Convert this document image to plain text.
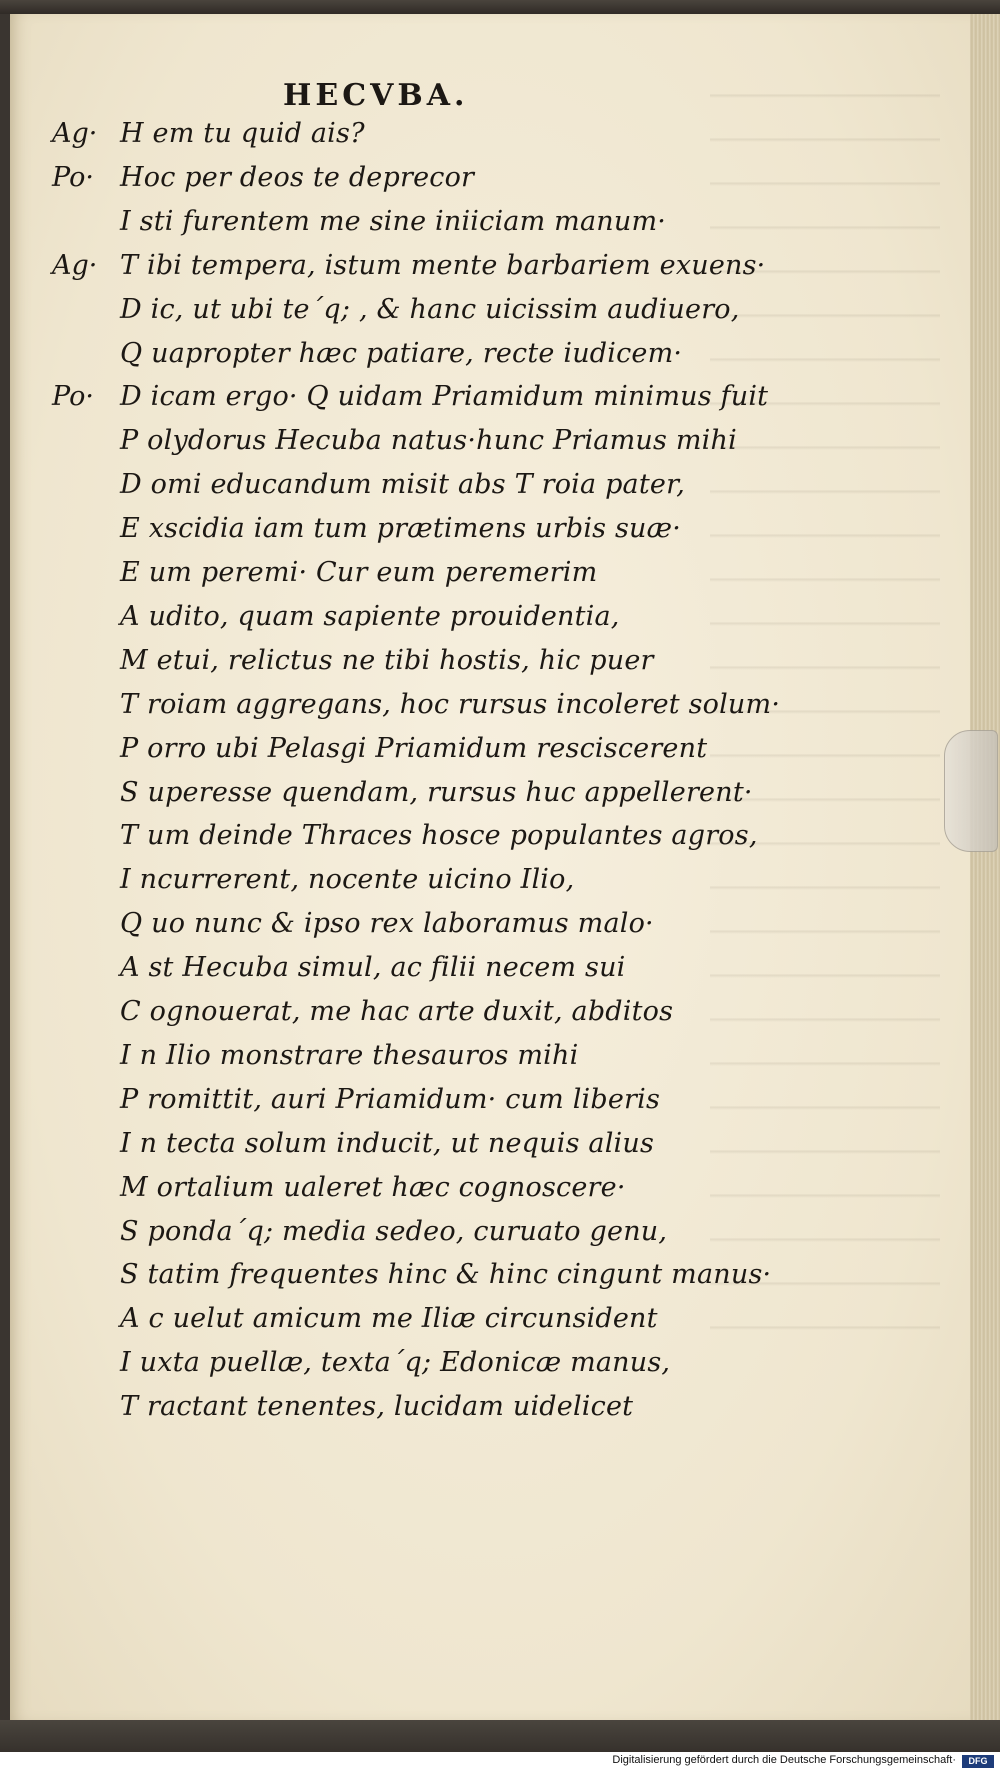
HECVBA.
Ag· H em tu quid ais?
Po· Hoc per deos te deprecor
I sti furentem me sine iniiciam manum·
Ag· T ibi tempera, istum mente barbariem exuens·
D ic, ut ubi te´q; , & hanc uicissim audiuero,
Q uapropter hæc patiare, recte iudicem·
Po· D icam ergo· Q uidam Priamidum minimus fuit
P olydorus Hecuba natus·hunc Priamus mihi
D omi educandum misit abs T roia pater,
E xscidia iam tum prætimens urbis suæ·
E um peremi· Cur eum peremerim
A udito, quam sapiente prouidentia,
M etui, relictus ne tibi hostis, hic puer
T roiam aggregans, hoc rursus incoleret solum·
P orro ubi Pelasgi Priamidum resciscerent
S uperesse quendam, rursus huc appellerent·
T um deinde Thraces hosce populantes agros,
I ncurrerent, nocente uicino Ilio,
Q uo nunc & ipso rex laboramus malo·
A st Hecuba simul, ac filii necem sui
C ognouerat, me hac arte duxit, abditos
I n Ilio monstrare thesauros mihi
P romittit, auri Priamidum· cum liberis
I n tecta solum inducit, ut nequis alius
M ortalium ualeret hæc cognoscere·
S ponda´q; media sedeo, curuato genu,
S tatim frequentes hinc & hinc cingunt manus·
A c uelut amicum me Iliæ circunsident
I uxta puellæ, texta´q; Edonicæ manus,
T ractant tenentes, lucidam uidelicet
Digitalisierung gefördert durch die Deutsche Forschungsgemeinschaft·	DFG
